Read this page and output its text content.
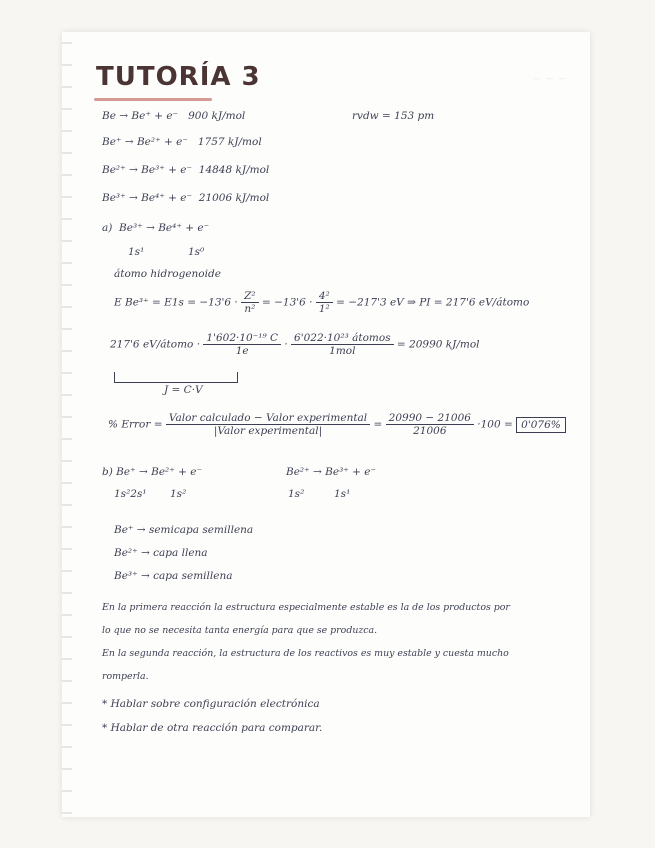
~ ~ ~
TUTORÍA 3
Be → Be⁺ + e⁻ 900 kJ/mol
Be⁺ → Be²⁺ + e⁻ 1757 kJ/mol
Be²⁺ → Be³⁺ + e⁻ 14848 kJ/mol
Be³⁺ → Be⁴⁺ + e⁻ 21006 kJ/mol
rvdw = 153 pm
a) Be³⁺ → Be⁴⁺ + e⁻
1s¹	1s⁰
átomo hidrogenoide
E $Be^{3+} = E1s = -13'6 \cdot \frac{\text{Z²}}{\text{n²}} = -13'6 \cdot \frac{\text{4²}}{\text{1²}} = -217'3$ eV ⇒ PI = 217'6 eV/átomo
217'6 eV/átomo · $\frac{\text{1'602·10⁻¹⁹ C}}{1e} \cdot \frac{\text{6'022·10²³ átomos}}{\text{1mol}} = 20990$ kJ/mol
J = C·V
% Error = $\frac{\text{Valor calculado − Valor experimental}}{\text{|Valor experimental|}} = \frac{20990 - 21006}{21006} \cdot 100 = 0'076\%$
b) Be⁺ → Be²⁺ + e⁻
1s²2s¹ 1s²
Be²⁺ → Be³⁺ + e⁻
1s²	1s¹
Be⁺ → semicapa semillena
Be²⁺ → capa llena
Be³⁺ → capa semillena
En la primera reacción la estructura especialmente estable es la de los productos por
lo que no se necesita tanta energía para que se produzca.
En la segunda reacción, la estructura de los reactivos es muy estable y cuesta mucho
romperla.
* Hablar sobre configuración electrónica
* Hablar de otra reacción para comparar.
